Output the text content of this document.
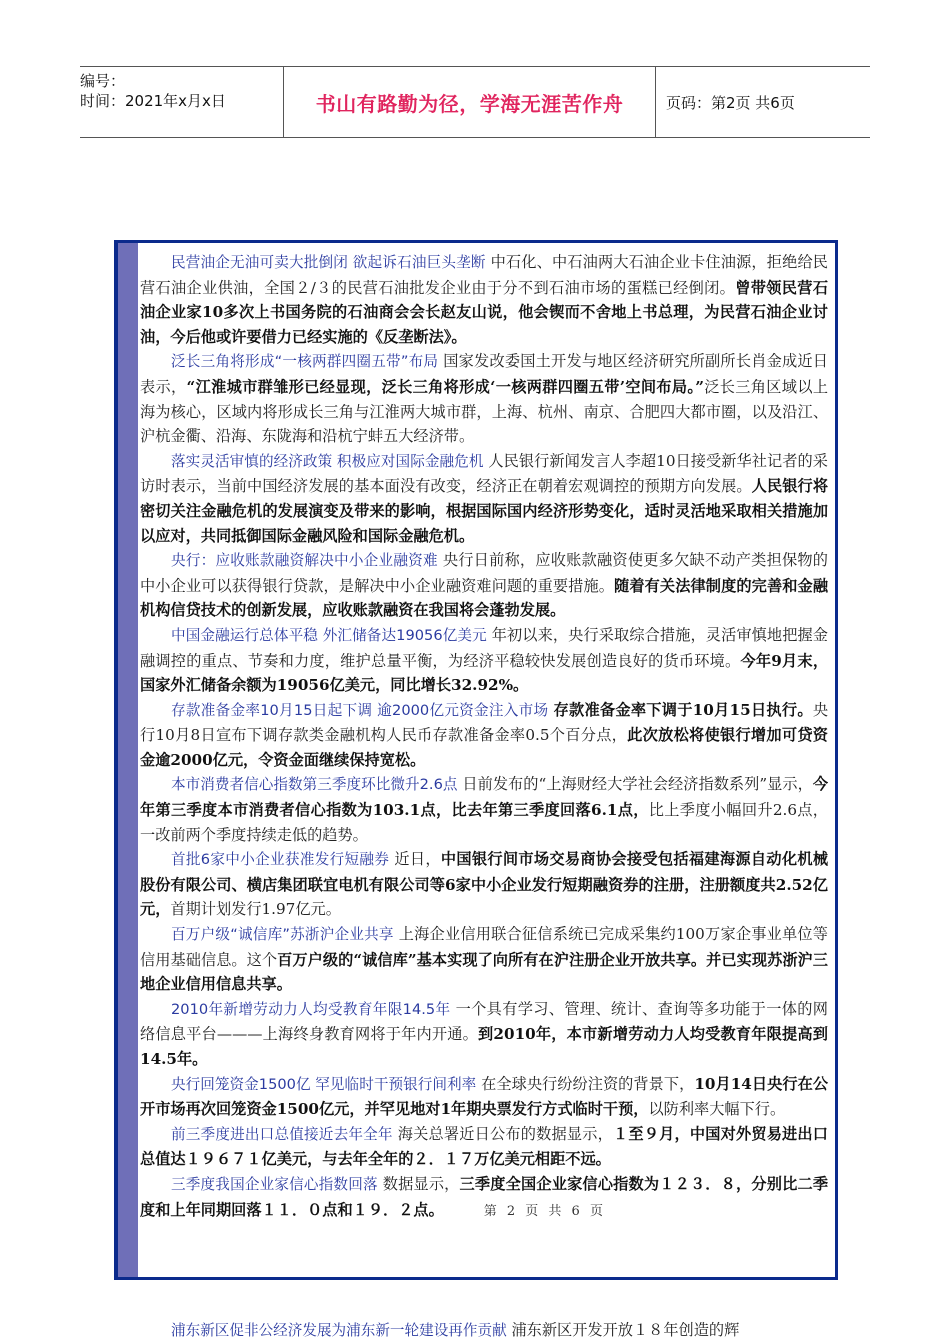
编号：
时间：2021年x月x日	书山有路勤为径，学海无涯苦作舟	页码：第2页 共6页

民营油企无油可卖大批倒闭 欲起诉石油巨头垄断 中石化、中石油两大石油企业卡住油源，拒绝给民营石油企业供油，全国２/３的民营石油批发企业由于分不到石油市场的蛋糕已经倒闭。曾带领民营石油企业家10多次上书国务院的石油商会会长赵友山说，他会锲而不舍地上书总理，为民营石油企业讨油，今后他或许要借力已经实施的《反垄断法》。

泛长三角将形成“一核两群四圈五带”布局 国家发改委国土开发与地区经济研究所副所长肖金成近日表示，“江淮城市群雏形已经显现，泛长三角将形成‘一核两群四圈五带’空间布局。”泛长三角区域以上海为核心，区域内将形成长三角与江淮两大城市群，上海、杭州、南京、合肥四大都市圈，以及沿江、沪杭金衢、沿海、东陇海和沿杭宁蚌五大经济带。

落实灵活审慎的经济政策 积极应对国际金融危机 人民银行新闻发言人李超10日接受新华社记者的采访时表示，当前中国经济发展的基本面没有改变，经济正在朝着宏观调控的预期方向发展。人民银行将密切关注金融危机的发展演变及带来的影响，根据国际国内经济形势变化，适时灵活地采取相关措施加以应对，共同抵御国际金融风险和国际金融危机。

央行：应收账款融资解决中小企业融资难 央行日前称，应收账款融资使更多欠缺不动产类担保物的中小企业可以获得银行贷款，是解决中小企业融资难问题的重要措施。随着有关法律制度的完善和金融机构信贷技术的创新发展，应收账款融资在我国将会蓬勃发展。

中国金融运行总体平稳 外汇储备达19056亿美元 年初以来，央行采取综合措施，灵活审慎地把握金融调控的重点、节奏和力度，维护总量平衡，为经济平稳较快发展创造良好的货币环境。今年9月末，国家外汇储备余额为19056亿美元，同比增长32.92%。

存款准备金率10月15日起下调 逾2000亿元资金注入市场 存款准备金率下调于10月15日执行。央行10月8日宣布下调存款类金融机构人民币存款准备金率0.5个百分点，此次放松将使银行增加可贷资金逾2000亿元，令资金面继续保持宽松。

本市消费者信心指数第三季度环比微升2.6点 日前发布的“上海财经大学社会经济指数系列”显示，今年第三季度本市消费者信心指数为103.1点，比去年第三季度回落6.1点，比上季度小幅回升2.6点，一改前两个季度持续走低的趋势。

首批6家中小企业获准发行短融券 近日，中国银行间市场交易商协会接受包括福建海源自动化机械股份有限公司、横店集团联宜电机有限公司等6家中小企业发行短期融资券的注册，注册额度共2.52亿元，首期计划发行1.97亿元。

百万户级“诚信库”苏浙沪企业共享 上海企业信用联合征信系统已完成采集约100万家企事业单位等信用基础信息。这个百万户级的“诚信库”基本实现了向所有在沪注册企业开放共享。并已实现苏浙沪三地企业信用信息共享。

2010年新增劳动力人均受教育年限14.5年 一个具有学习、管理、统计、查询等多功能于一体的网络信息平台———上海终身教育网将于年内开通。到2010年，本市新增劳动力人均受教育年限提高到14.5年。

央行回笼资金1500亿 罕见临时干预银行间利率 在全球央行纷纷注资的背景下，10月14日央行在公开市场再次回笼资金1500亿元，并罕见地对1年期央票发行方式临时干预，以防利率大幅下行。

前三季度进出口总值接近去年全年 海关总署近日公布的数据显示，１至９月，中国对外贸易进出口总值达１９６７１亿美元，与去年全年的２．１７万亿美元相距不远。

三季度我国企业家信心指数回落 数据显示，三季度全国企业家信心指数为１２３．８，分别比二季度和上年同期回落１１．０点和１９．２点。	第 2 页 共 6 页

浦东新区促非公经济发展为浦东新一轮建设再作贡献 浦东新区开发开放１８年创造的辉
